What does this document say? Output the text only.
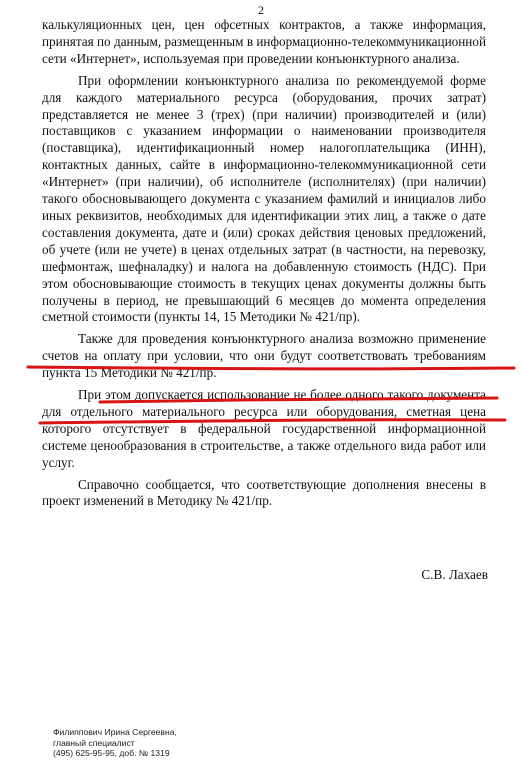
2

калькуляционных цен, цен офсетных контрактов, а также информация, принятая по данным, размещенным в информационно-телекоммуникационной сети «Интернет», используемая при проведении конъюнктурного анализа.

При оформлении конъюнктурного анализа по рекомендуемой форме для каждого материального ресурса (оборудования, прочих затрат) представляется не менее 3 (трех) (при наличии) производителей и (или) поставщиков с указанием информации о наименовании производителя (поставщика), идентификационный номер налогоплательщика (ИНН), контактных данных, сайте в информационно-телекоммуникационной сети «Интернет» (при наличии), об исполнителе (исполнителях) (при наличии) такого обосновывающего документа с указанием фамилий и инициалов либо иных реквизитов, необходимых для идентификации этих лиц, а также о дате составления документа, дате и (или) сроках действия ценовых предложений, об учете (или не учете) в ценах отдельных затрат (в частности, на перевозку, шефмонтаж, шефналадку) и налога на добавленную стоимость (НДС). При этом обосновывающие стоимость в текущих ценах документы должны быть получены в период, не превышающий 6 месяцев до момента определения сметной стоимости (пункты 14, 15 Методики № 421/пр).

Также для проведения конъюнктурного анализа возможно применение счетов на оплату при условии, что они будут соответствовать требованиям пункта 15 Методики № 421/пр.

При этом допускается использование не более одного такого документа для отдельного материального ресурса или оборудования, сметная цена которого отсутствует в федеральной государственной информационной системе ценообразования в строительстве, а также отдельного вида работ или услуг.

Справочно сообщается, что соответствующие дополнения внесены в проект изменений в Методику № 421/пр.

С.В. Лахаев
Филиппович Ирина Сергеевна,
главный специалист
(495) 625-95-95, доб. № 1319
